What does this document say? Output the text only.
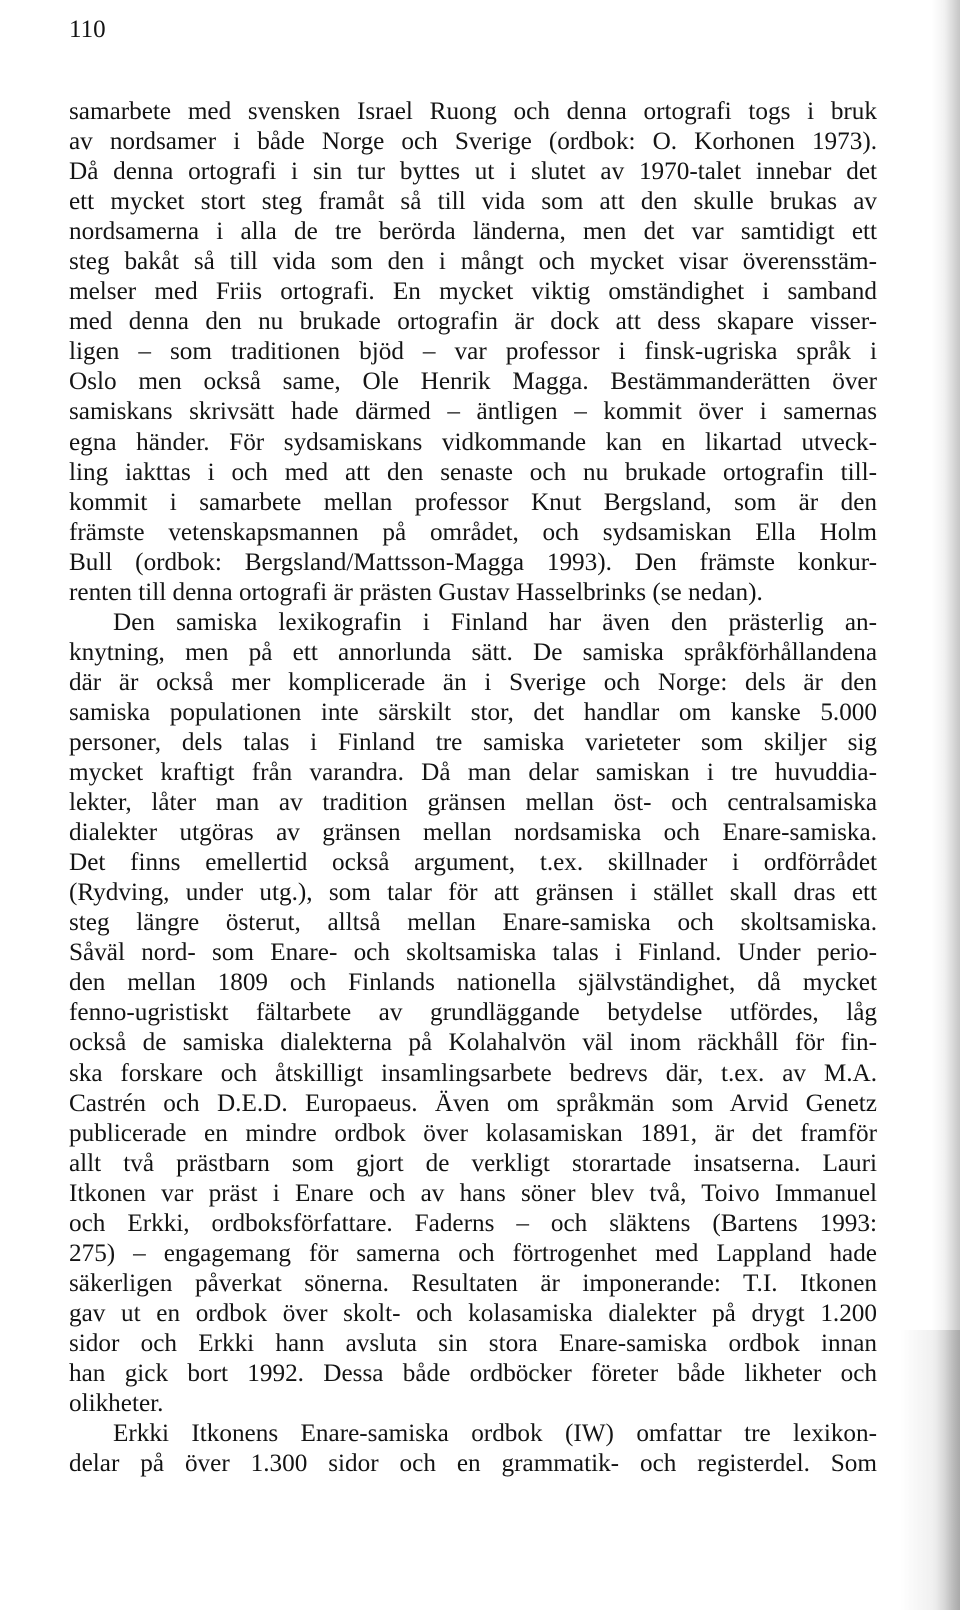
110
samarbete med svensken Israel Ruong och denna ortografi togs i bruk
av nordsamer i både Norge och Sverige (ordbok: O. Korhonen 1973).
Då denna ortografi i sin tur byttes ut i slutet av 1970-talet innebar det
ett mycket stort steg framåt så till vida som att den skulle brukas av
nordsamerna i alla de tre berörda länderna, men det var samtidigt ett
steg bakåt så till vida som den i mångt och mycket visar överensstäm-
melser med Friis ortografi. En mycket viktig omständighet i samband
med denna den nu brukade ortografin är dock att dess skapare visser-
ligen – som traditionen bjöd – var professor i finsk-ugriska språk i
Oslo men också same, Ole Henrik Magga. Bestämmanderätten över
samiskans skrivsätt hade därmed – äntligen – kommit över i samernas
egna händer. För sydsamiskans vidkommande kan en likartad utveck-
ling iakttas i och med att den senaste och nu brukade ortografin till-
kommit i samarbete mellan professor Knut Bergsland, som är den
främste vetenskapsmannen på området, och sydsamiskan Ella Holm
Bull (ordbok: Bergsland/Mattsson-Magga 1993). Den främste konkur-
renten till denna ortografi är prästen Gustav Hasselbrinks (se nedan).
Den samiska lexikografin i Finland har även den prästerlig an-
knytning, men på ett annorlunda sätt. De samiska språkförhållandena
där är också mer komplicerade än i Sverige och Norge: dels är den
samiska populationen inte särskilt stor, det handlar om kanske 5.000
personer, dels talas i Finland tre samiska varieteter som skiljer sig
mycket kraftigt från varandra. Då man delar samiskan i tre huvuddia-
lekter, låter man av tradition gränsen mellan öst- och centralsamiska
dialekter utgöras av gränsen mellan nordsamiska och Enare-samiska.
Det finns emellertid också argument, t.ex. skillnader i ordförrådet
(Rydving, under utg.), som talar för att gränsen i stället skall dras ett
steg längre österut, alltså mellan Enare-samiska och skoltsamiska.
Såväl nord- som Enare- och skoltsamiska talas i Finland. Under perio-
den mellan 1809 och Finlands nationella självständighet, då mycket
fenno-ugristiskt fältarbete av grundläggande betydelse utfördes, låg
också de samiska dialekterna på Kolahalvön väl inom räckhåll för fin-
ska forskare och åtskilligt insamlingsarbete bedrevs där, t.ex. av M.A.
Castrén och D.E.D. Europaeus. Även om språkmän som Arvid Genetz
publicerade en mindre ordbok över kolasamiskan 1891, är det framför
allt två prästbarn som gjort de verkligt storartade insatserna. Lauri
Itkonen var präst i Enare och av hans söner blev två, Toivo Immanuel
och Erkki, ordboksförfattare. Faderns – och släktens (Bartens 1993:
275) – engagemang för samerna och förtrogenhet med Lappland hade
säkerligen påverkat sönerna. Resultaten är imponerande: T.I. Itkonen
gav ut en ordbok över skolt- och kolasamiska dialekter på drygt 1.200
sidor och Erkki hann avsluta sin stora Enare-samiska ordbok innan
han gick bort 1992. Dessa både ordböcker företer både likheter och
olikheter.
Erkki Itkonens Enare-samiska ordbok (IW) omfattar tre lexikon-
delar på över 1.300 sidor och en grammatik- och registerdel. Som
